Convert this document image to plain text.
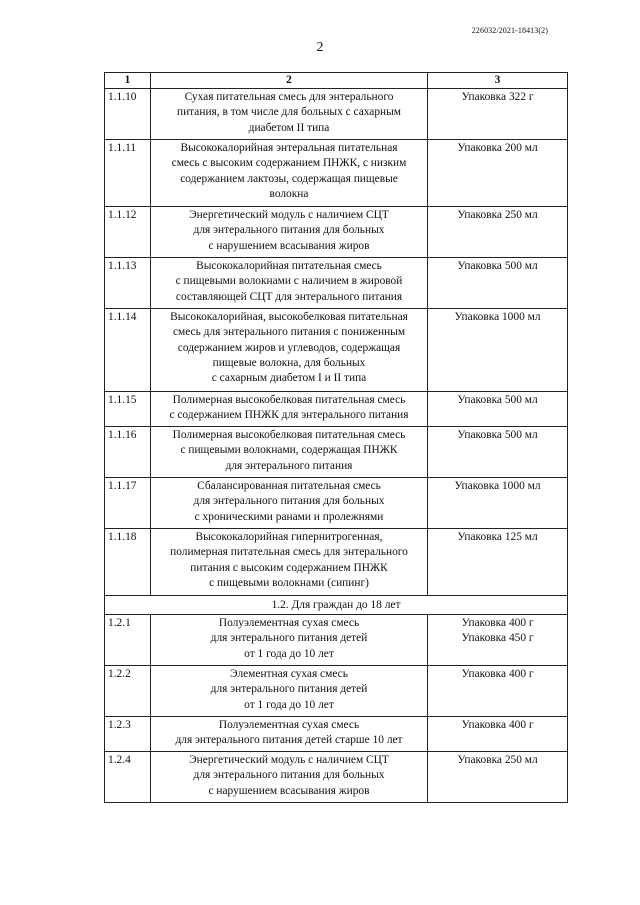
226032/2021-18413(2)
2
1	2	3
1.1.10	Сухая питательная смесь для энтерального
питания, в том числе для больных с сахарным
диабетом II типа	Упаковка 322 г

1.1.11	Высококалорийная энтеральная питательная
смесь с высоким содержанием ПНЖК, с низким
содержанием лактозы, содержащая пищевые
волокна	Упаковка 200 мл

1.1.12	Энергетический модуль с наличием СЦТ
для энтерального питания для больных
с нарушением всасывания жиров	Упаковка 250 мл

1.1.13	Высококалорийная питательная смесь
с пищевыми волокнами с наличием в жировой
составляющей СЦТ для энтерального питания	Упаковка 500 мл

1.1.14	Высококалорийная, высокобелковая питательная
смесь для энтерального питания с пониженным
содержанием жиров и углеводов, содержащая
пищевые волокна, для больных
с сахарным диабетом I и II типа	Упаковка 1000 мл

1.1.15	Полимерная высокобелковая питательная смесь
с содержанием ПНЖК для энтерального питания	Упаковка 500 мл

1.1.16	Полимерная высокобелковая питательная смесь
с пищевыми волокнами, содержащая ПНЖК
для энтерального питания	Упаковка 500 мл

1.1.17	Сбалансированная питательная смесь
для энтерального питания для больных
с хроническими ранами и пролежнями	Упаковка 1000 мл

1.1.18	Высококалорийная гипернитрогенная,
полимерная питательная смесь для энтерального
питания с высоким содержанием ПНЖК
с пищевыми волокнами (сипинг)	Упаковка 125 мл

1.2. Для граждан до 18 лет		
1.2.1	Полуэлементная сухая смесь
для энтерального питания детей
от 1 года до 10 лет	Упаковка 400 г
Упаковка 450 г

1.2.2	Элементная сухая смесь
для энтерального питания детей
от 1 года до 10 лет	Упаковка 400 г

1.2.3	Полуэлементная сухая смесь
для энтерального питания детей старше 10 лет	Упаковка 400 г

1.2.4	Энергетический модуль с наличием СЦТ
для энтерального питания для больных
с нарушением всасывания жиров	Упаковка 250 мл
